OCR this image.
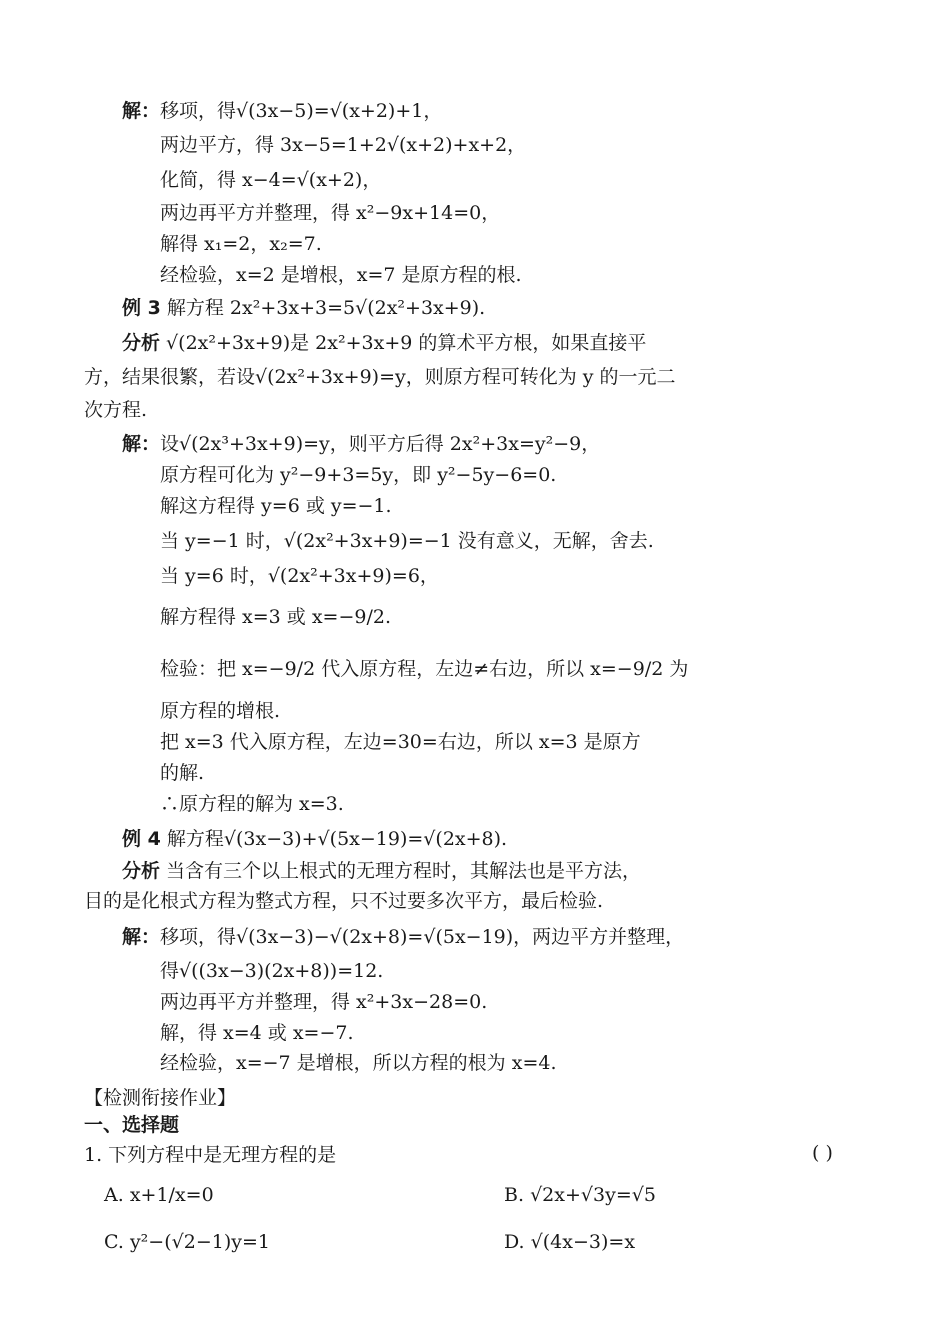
解：移项，得√(3x−5)=√(x+2)+1，
两边平方，得 3x−5=1+2√(x+2)+x+2，
化简，得 x−4=√(x+2)，
两边再平方并整理，得 x²−9x+14=0，
解得 x₁=2，x₂=7.
经检验，x=2 是增根，x=7 是原方程的根.
例 3 解方程 2x²+3x+3=5√(2x²+3x+9).
分析 √(2x²+3x+9)是 2x²+3x+9 的算术平方根，如果直接平
方，结果很繁，若设√(2x²+3x+9)=y，则原方程可转化为 y 的一元二
次方程.
解：设√(2x³+3x+9)=y，则平方后得 2x²+3x=y²−9，
原方程可化为 y²−9+3=5y，即 y²−5y−6=0.
解这方程得 y=6 或 y=−1.
当 y=−1 时，√(2x²+3x+9)=−1 没有意义，无解，舍去.
当 y=6 时，√(2x²+3x+9)=6，
解方程得 x=3 或 x=−9/2.
检验：把 x=−9/2 代入原方程，左边≠右边，所以 x=−9/2 为
原方程的增根.
把 x=3 代入原方程，左边=30=右边，所以 x=3 是原方
的解.
∴原方程的解为 x=3.
例 4 解方程√(3x−3)+√(5x−19)=√(2x+8).
分析 当含有三个以上根式的无理方程时，其解法也是平方法，
目的是化根式方程为整式方程，只不过要多次平方，最后检验.
解：移项，得√(3x−3)−√(2x+8)=√(5x−19)，两边平方并整理，
得√((3x−3)(2x+8))=12.
两边再平方并整理，得 x²+3x−28=0.
解，得 x=4 或 x=−7.
经检验，x=−7 是增根，所以方程的根为 x=4.
【检测衔接作业】
一、选择题
1. 下列方程中是无理方程的是	( )
A. x+1/x=0	B. √2x+√3y=√5
C. y²−(√2−1)y=1	D. √(4x−3)=x
